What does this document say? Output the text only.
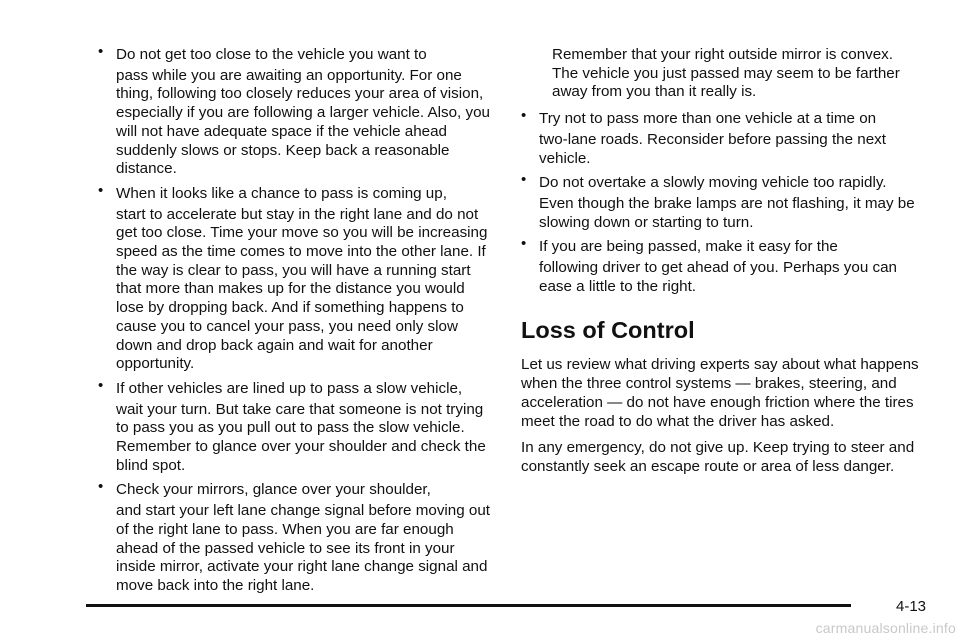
• Do not get too close to the vehicle you want to
pass while you are awaiting an opportunity. For one thing, following too closely reduces your area of vision, especially if you are following a larger vehicle. Also, you will not have adequate space if the vehicle ahead suddenly slows or stops. Keep back a reasonable distance.
• When it looks like a chance to pass is coming up,
start to accelerate but stay in the right lane and do not get too close. Time your move so you will be increasing speed as the time comes to move into the other lane. If the way is clear to pass, you will have a running start that more than makes up for the distance you would lose by dropping back. And if something happens to cause you to cancel your pass, you need only slow down and drop back again and wait for another opportunity.
• If other vehicles are lined up to pass a slow vehicle,
wait your turn. But take care that someone is not trying to pass you as you pull out to pass the slow vehicle. Remember to glance over your shoulder and check the blind spot.
• Check your mirrors, glance over your shoulder,
and start your left lane change signal before moving out of the right lane to pass. When you are far enough ahead of the passed vehicle to see its front in your inside mirror, activate your right lane change signal and move back into the right lane.
Remember that your right outside mirror is convex. The vehicle you just passed may seem to be farther away from you than it really is.
• Try not to pass more than one vehicle at a time on
two-lane roads. Reconsider before passing the next vehicle.
• Do not overtake a slowly moving vehicle too rapidly.
Even though the brake lamps are not flashing, it may be slowing down or starting to turn.
• If you are being passed, make it easy for the
following driver to get ahead of you. Perhaps you can ease a little to the right.
Loss of Control
Let us review what driving experts say about what happens when the three control systems — brakes, steering, and acceleration — do not have enough friction where the tires meet the road to do what the driver has asked.
In any emergency, do not give up. Keep trying to steer and constantly seek an escape route or area of less danger.
4-13
carmanualsonline.info
